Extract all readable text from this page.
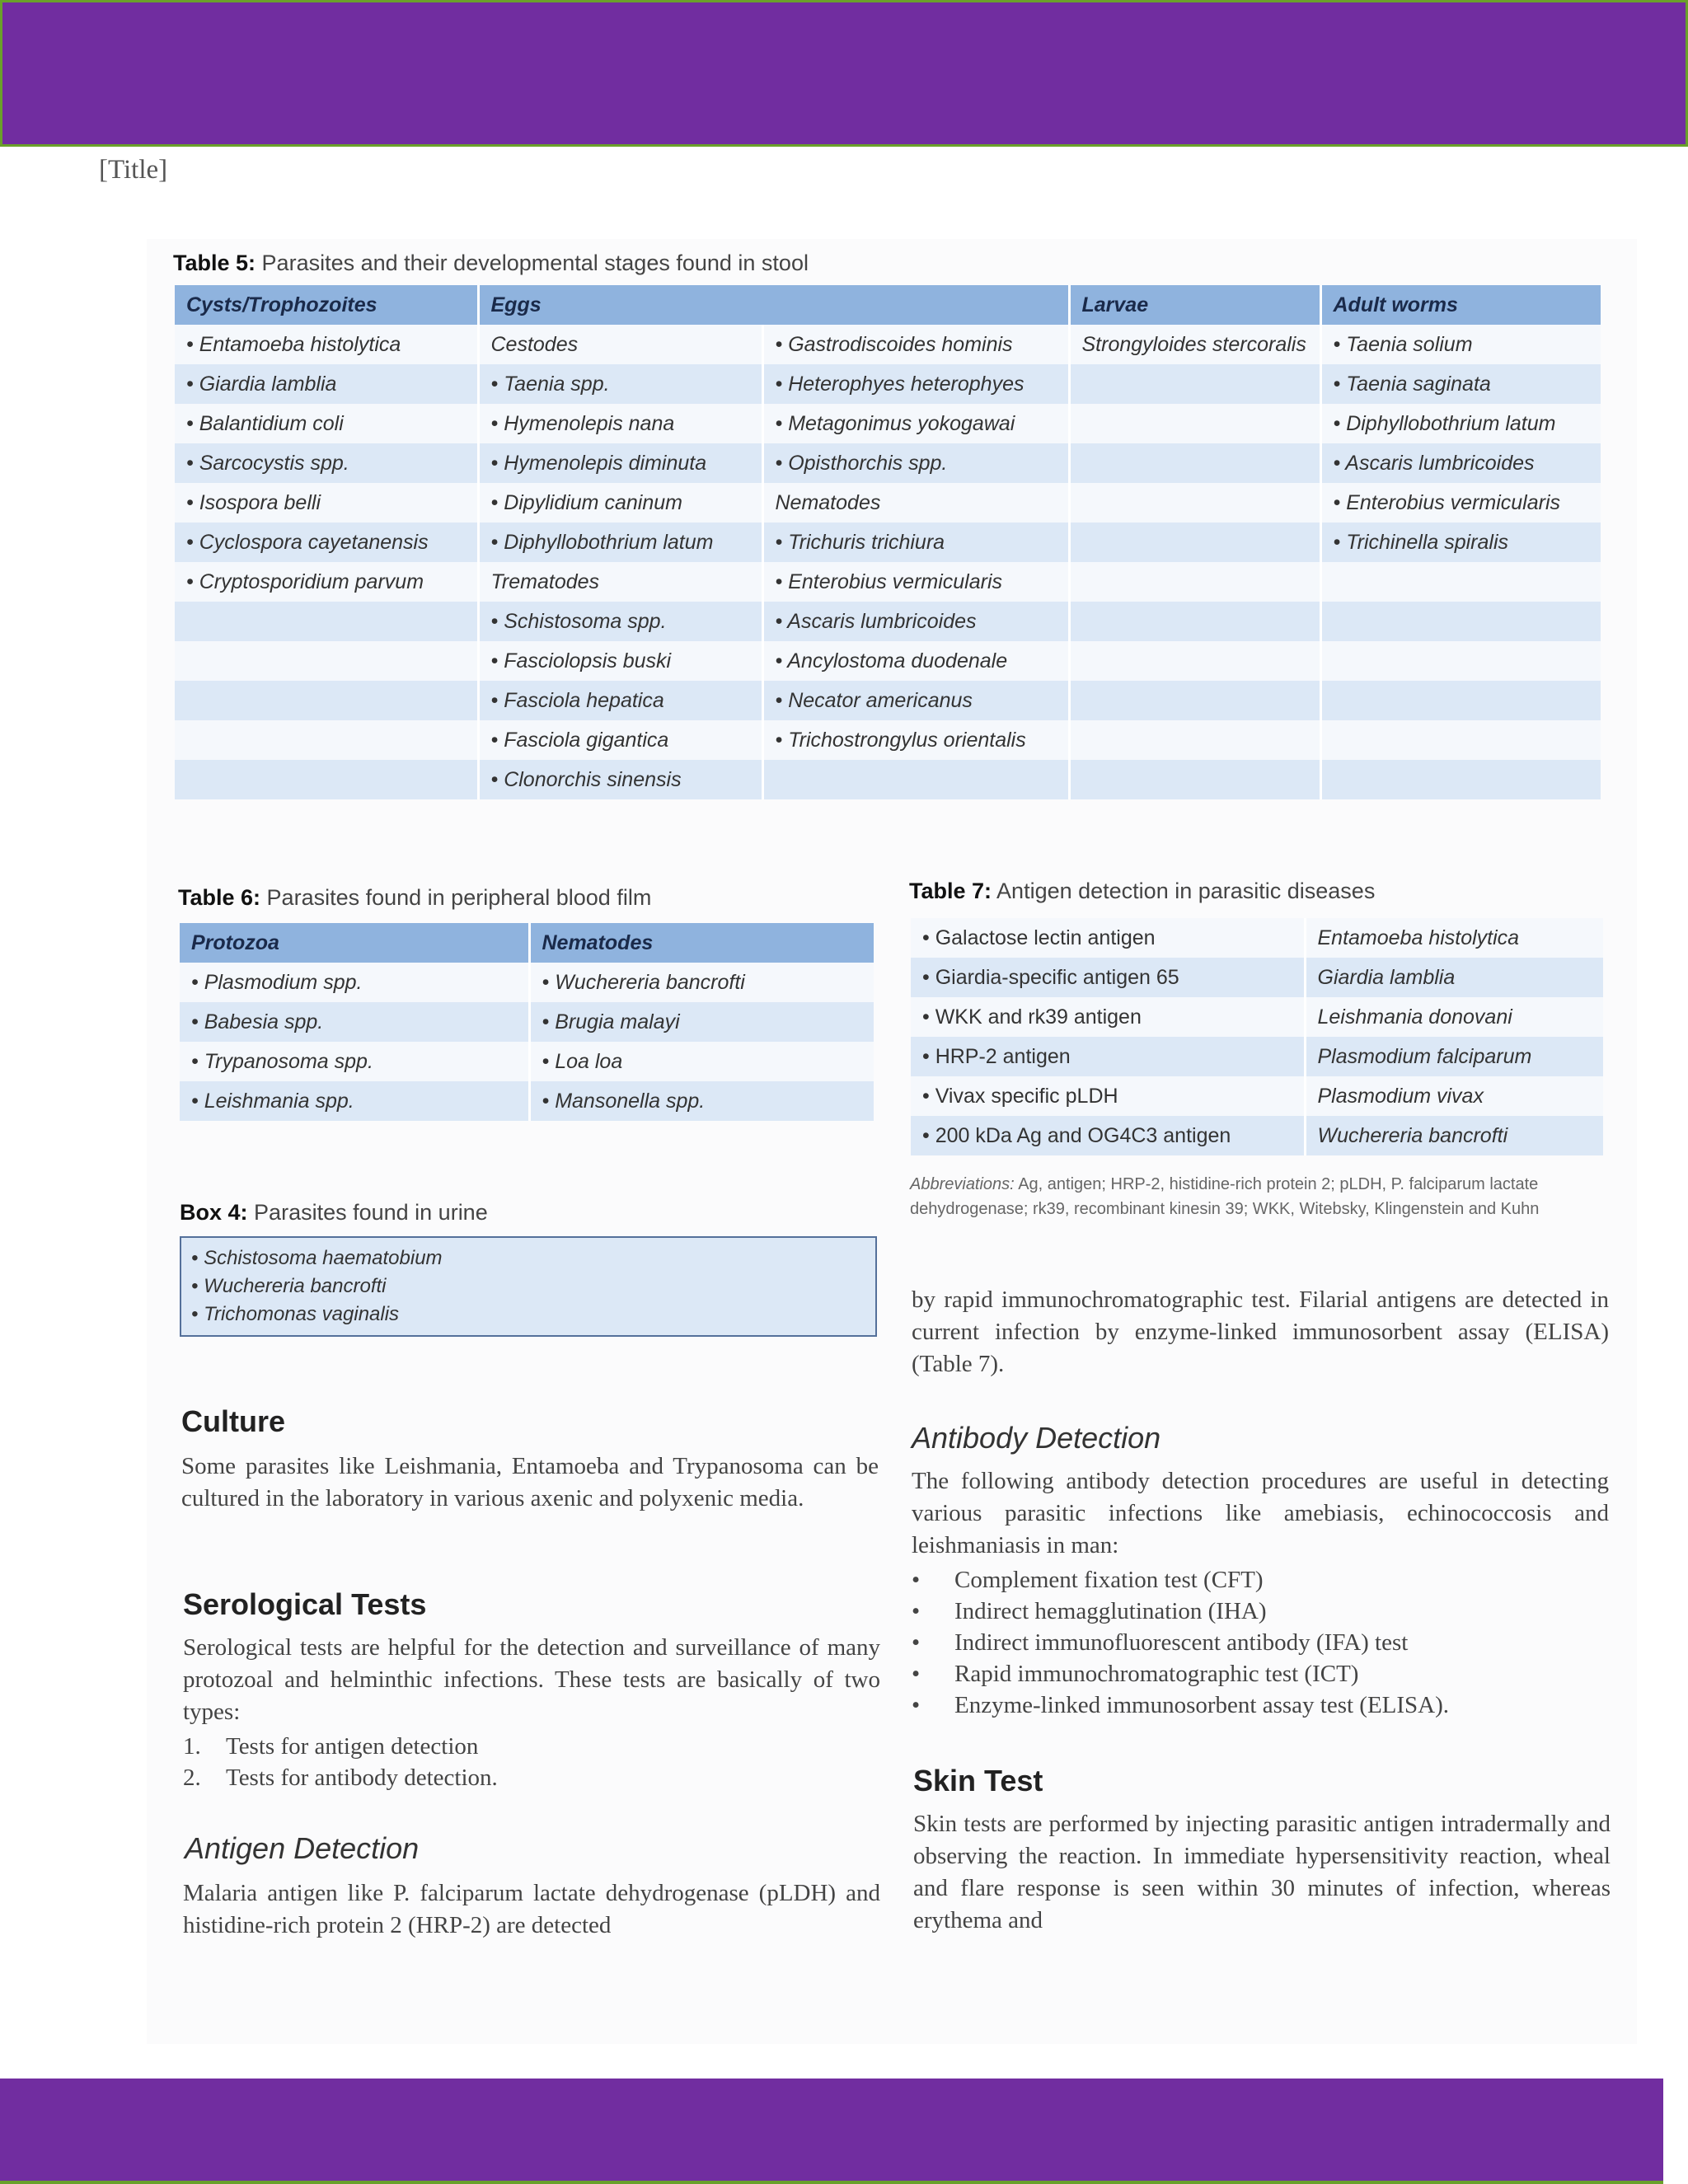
[Title]
Table 5: Parasites and their developmental stages found in stool
Cysts/Trophozoites	Eggs		Larvae	Adult worms
• Entamoeba histolytica	Cestodes	• Gastrodiscoides hominis	Strongyloides stercoralis	• Taenia solium
• Giardia lamblia	• Taenia spp.	• Heterophyes heterophyes		• Taenia saginata
• Balantidium coli	• Hymenolepis nana	• Metagonimus yokogawai		• Diphyllobothrium latum
• Sarcocystis spp.	• Hymenolepis diminuta	• Opisthorchis spp.		• Ascaris lumbricoides
• Isospora belli	• Dipylidium caninum	Nematodes		• Enterobius vermicularis
• Cyclospora cayetanensis	• Diphyllobothrium latum	• Trichuris trichiura		• Trichinella spiralis
• Cryptosporidium parvum	Trematodes	• Enterobius vermicularis		
	• Schistosoma spp.	• Ascaris lumbricoides		
	• Fasciolopsis buski	• Ancylostoma duodenale		
	• Fasciola hepatica	• Necator americanus		
	• Fasciola gigantica	• Trichostrongylus orientalis		
	• Clonorchis sinensis			
Table 6: Parasites found in peripheral blood film
Protozoa	Nematodes
• Plasmodium spp.	• Wuchereria bancrofti
• Babesia spp.	• Brugia malayi
• Trypanosoma spp.	• Loa loa
• Leishmania spp.	• Mansonella spp.
Table 7: Antigen detection in parasitic diseases
• Galactose lectin antigen	Entamoeba histolytica
• Giardia-specific antigen 65	Giardia lamblia
• WKK and rk39 antigen	Leishmania donovani
• HRP-2 antigen	Plasmodium falciparum
• Vivax specific pLDH	Plasmodium vivax
• 200 kDa Ag and OG4C3 antigen	Wuchereria bancrofti
Abbreviations: Ag, antigen; HRP-2, histidine-rich protein 2; pLDH, P. falciparum lactate dehydrogenase; rk39, recombinant kinesin 39; WKK, Witebsky, Klingenstein and Kuhn
Box 4: Parasites found in urine
• Schistosoma haematobium
• Wuchereria bancrofti
• Trichomonas vaginalis
Culture
Some parasites like Leishmania, Entamoeba and Trypanosoma can be cultured in the laboratory in various axenic and polyxenic media.
Serological Tests
Serological tests are helpful for the detection and surveillance of many protozoal and helminthic infections. These tests are basically of two types:
1. Tests for antigen detection
2. Tests for antibody detection.
Antigen Detection
Malaria antigen like P. falciparum lactate dehydrogenase (pLDH) and histidine-rich protein 2 (HRP-2) are detected
by rapid immunochromatographic test. Filarial antigens are detected in current infection by enzyme-linked immunosorbent assay (ELISA) (Table 7).
Antibody Detection
The following antibody detection procedures are useful in detecting various parasitic infections like amebiasis, echinococcosis and leishmaniasis in man:
• Complement fixation test (CFT)
• Indirect hemagglutination (IHA)
• Indirect immunofluorescent antibody (IFA) test
• Rapid immunochromatographic test (ICT)
• Enzyme-linked immunosorbent assay test (ELISA).
Skin Test
Skin tests are performed by injecting parasitic antigen intradermally and observing the reaction. In immediate hypersensitivity reaction, wheal and flare response is seen within 30 minutes of infection, whereas erythema and
